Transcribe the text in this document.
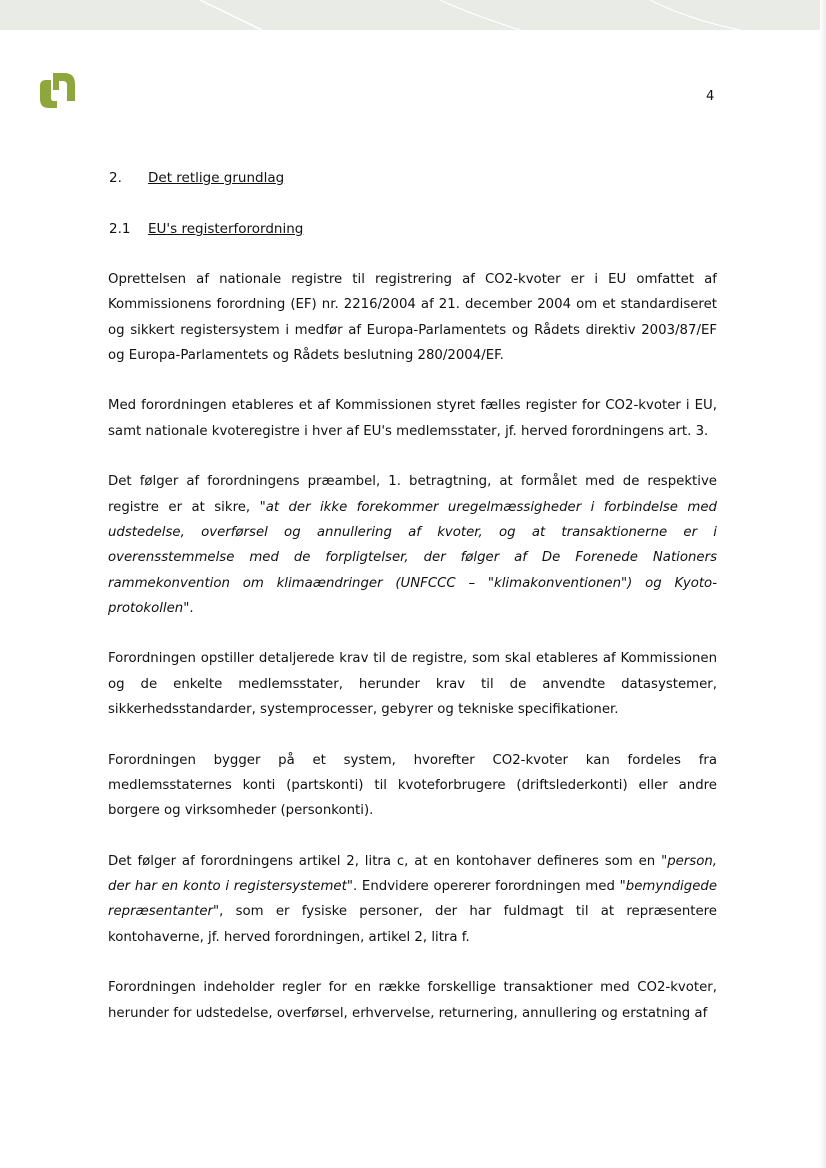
4
2. Det retlige grundlag
2.1 EU's registerforordning

Oprettelsen af nationale registre til registrering af CO2-kvoter er i EU omfattet af Kommissionens forordning (EF) nr. 2216/2004 af 21. december 2004 om et standardiseret og sikkert registersystem i medfør af Europa-Parlamentets og Rådets direktiv 2003/87/EF og Europa-Parlamentets og Rådets beslutning 280/2004/EF.

Med forordningen etableres et af Kommissionen styret fælles register for CO2-kvoter i EU, samt nationale kvoteregistre i hver af EU's medlemsstater, jf. herved forordningens art. 3.

Det følger af forordningens præambel, 1. betragtning, at formålet med de respektive registre er at sikre, "at der ikke forekommer uregelmæssigheder i forbindelse med udstedelse, overførsel og annullering af kvoter, og at transaktionerne er i overensstemmelse med de forpligtelser, der følger af De Forenede Nationers rammekonvention om klimaændringer (UNFCCC – "klimakonventionen") og Kyoto-protokollen".

Forordningen opstiller detaljerede krav til de registre, som skal etableres af Kommissionen og de enkelte medlemsstater, herunder krav til de anvendte datasystemer, sikkerhedsstandarder, systemprocesser, gebyrer og tekniske specifikationer.

Forordningen bygger på et system, hvorefter CO2-kvoter kan fordeles fra medlemsstaternes konti (partskonti) til kvoteforbrugere (driftslederkonti) eller andre borgere og virksomheder (personkonti).

Det følger af forordningens artikel 2, litra c, at en kontohaver defineres som en "person, der har en konto i registersystemet". Endvidere opererer forordningen med "bemyndigede repræsentanter", som er fysiske personer, der har fuldmagt til at repræsentere kontohaverne, jf. herved forordningen, artikel 2, litra f.

Forordningen indeholder regler for en række forskellige transaktioner med CO2-kvoter, herunder for udstedelse, overførsel, erhvervelse, returnering, annullering og erstatning af
